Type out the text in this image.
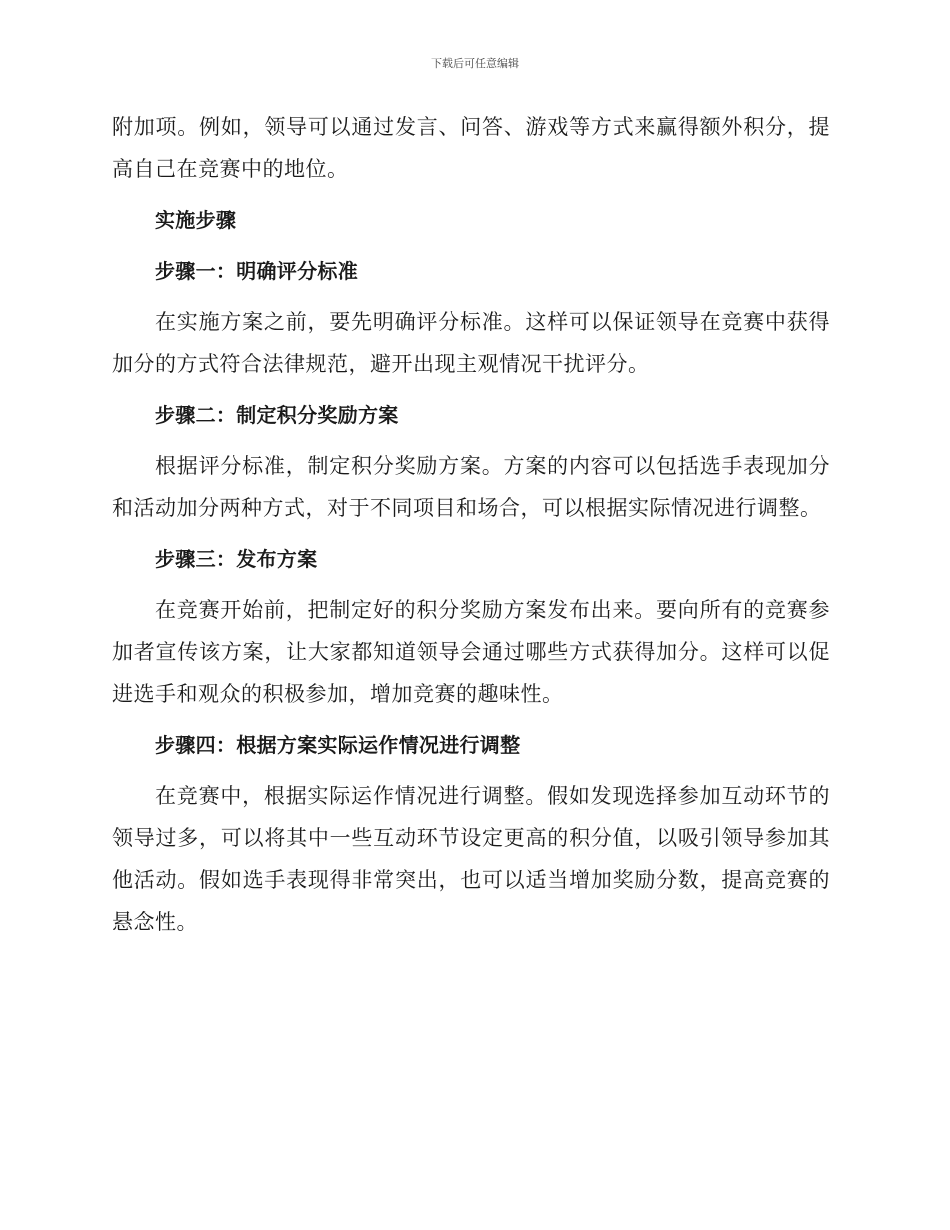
下载后可任意编辑

附加项。例如，领导可以通过发言、问答、游戏等方式来赢得额外积分，提高自己在竞赛中的地位。

实施步骤

步骤一：明确评分标准

在实施方案之前，要先明确评分标准。这样可以保证领导在竞赛中获得加分的方式符合法律规范，避开出现主观情况干扰评分。

步骤二：制定积分奖励方案

根据评分标准，制定积分奖励方案。方案的内容可以包括选手表现加分和活动加分两种方式，对于不同项目和场合，可以根据实际情况进行调整。

步骤三：发布方案

在竞赛开始前，把制定好的积分奖励方案发布出来。要向所有的竞赛参加者宣传该方案，让大家都知道领导会通过哪些方式获得加分。这样可以促进选手和观众的积极参加，增加竞赛的趣味性。

步骤四：根据方案实际运作情况进行调整

在竞赛中，根据实际运作情况进行调整。假如发现选择参加互动环节的领导过多，可以将其中一些互动环节设定更高的积分值，以吸引领导参加其他活动。假如选手表现得非常突出，也可以适当增加奖励分数，提高竞赛的悬念性。
